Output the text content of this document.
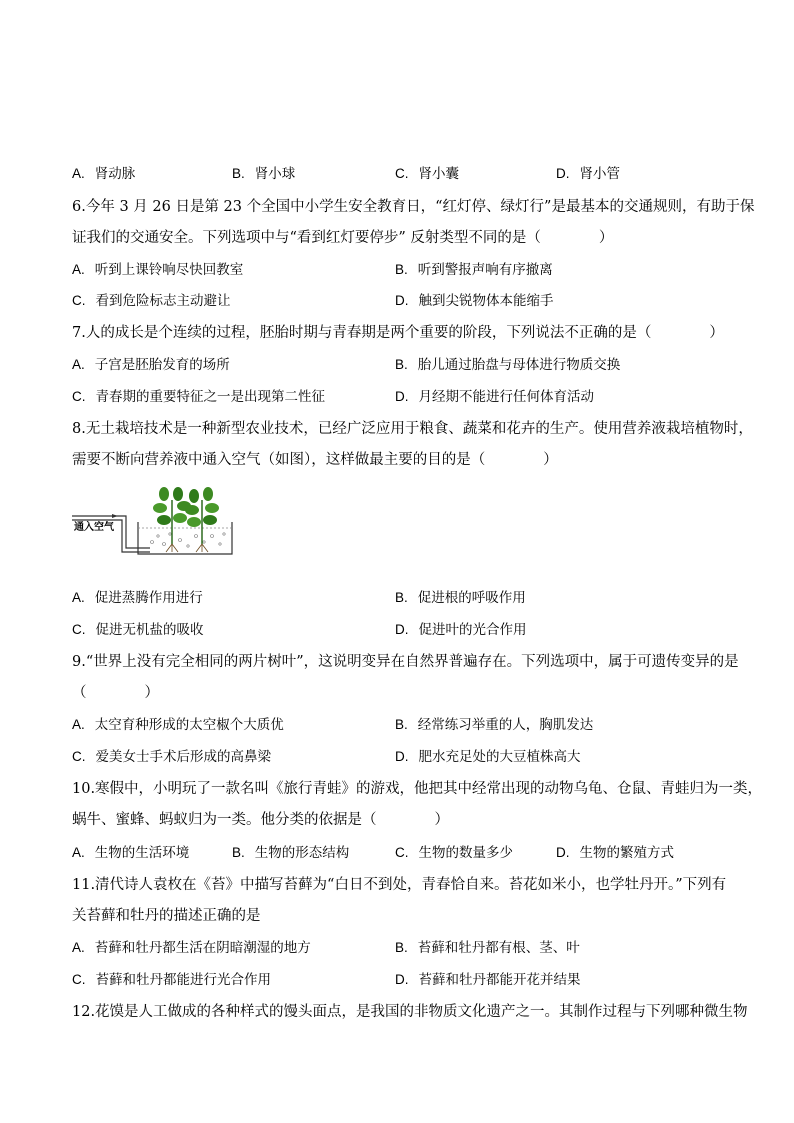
A. 肾动脉	B. 肾小球	C. 肾小囊	D. 肾小管
6.今年 3 月 26 日是第 23 个全国中小学生安全教育日，“红灯停、绿灯行”是最基本的交通规则，有助于保
证我们的交通安全。下列选项中与“看到红灯要停步” 反射类型不同的是（　　　　）
A. 听到上课铃响尽快回教室	B. 听到警报声响有序撤离
C. 看到危险标志主动避让	D. 触到尖锐物体本能缩手
7.人的成长是个连续的过程，胚胎时期与青春期是两个重要的阶段，下列说法不正确的是（　　　　）
A. 子宫是胚胎发育的场所	B. 胎儿通过胎盘与母体进行物质交换
C. 青春期的重要特征之一是出现第二性征	D. 月经期不能进行任何体育活动
8.无土栽培技术是一种新型农业技术，已经广泛应用于粮食、蔬菜和花卉的生产。使用营养液栽培植物时，
需要不断向营养液中通入空气（如图），这样做最主要的目的是（　　　　）
通入空气
A. 促进蒸腾作用进行	B. 促进根的呼吸作用
C. 促进无机盐的吸收	D. 促进叶的光合作用
9.“世界上没有完全相同的两片树叶”，这说明变异在自然界普遍存在。下列选项中，属于可遗传变异的是
（　　　　）
A. 太空育种形成的太空椒个大质优	B. 经常练习举重的人，胸肌发达
C. 爱美女士手术后形成的高鼻梁	D. 肥水充足处的大豆植株高大
10.寒假中，小明玩了一款名叫《旅行青蛙》的游戏，他把其中经常出现的动物乌龟、仓鼠、青蛙归为一类，
蜗牛、蜜蜂、蚂蚁归为一类。他分类的依据是（　　　　）
A. 生物的生活环境	B. 生物的形态结构	C. 生物的数量多少	D. 生物的繁殖方式
11.清代诗人袁枚在《苔》中描写苔藓为“白日不到处，青春恰自来。苔花如米小，也学牡丹开。”下列有
关苔藓和牡丹的描述正确的是
A. 苔藓和牡丹都生活在阴暗潮湿的地方	B. 苔藓和牡丹都有根、茎、叶
C. 苔藓和牡丹都能进行光合作用	D. 苔藓和牡丹都能开花并结果
12.花馍是人工做成的各种样式的馒头面点，是我国的非物质文化遗产之一。其制作过程与下列哪种微生物
